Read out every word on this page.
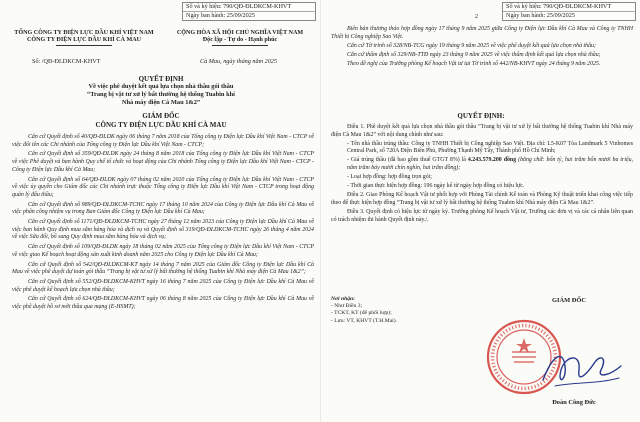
Số và ký hiệu: 790/QĐ-ĐLDKCM-KHVT
Ngày ban hành: 25/09/2025
TỔNG CÔNG TY ĐIỆN LỰC DẦU KHÍ VIỆT NAM
CÔNG TY ĐIỆN LỰC DẦU KHÍ CÀ MAU
CỘNG HÒA XÃ HỘI CHỦ NGHĨA VIỆT NAM
Độc lập - Tự do - Hạnh phúc
Số: /QĐ-ĐLDKCM-KHVT	Cà Mau, ngày tháng năm 2025
QUYẾT ĐỊNH
Về việc phê duyệt kết quả lựa chọn nhà thầu gói thầu
“Trang bị vật tư xử lý bất thường hệ thống Tuabin khí
Nhà máy điện Cà Mau 1&2”
GIÁM ĐỐC
CÔNG TY ĐIỆN LỰC DẦU KHÍ CÀ MAU

Căn cứ Quyết định số 40/QĐ-ĐLDK ngày 06 tháng 7 năm 2018 của Tổng công ty Điện lực Dầu khí Việt Nam - CTCP về việc đổi tên các Chi nhánh của Tổng công ty Điện lực Dầu khí Việt Nam - CTCP;

Căn cứ Quyết định số 359/QĐ-ĐLDK ngày 24 tháng 8 năm 2018 của Tổng công ty Điện lực Dầu khí Việt Nam - CTCP về việc Phê duyệt và ban hành Quy chế tổ chức và hoạt động của Chi nhánh Tổng công ty Điện lực Dầu khí Việt Nam - CTCP - Công ty Điện lực Dầu khí Cà Mau;

Căn cứ Quyết định số 64/QĐ-ĐLDK ngày 07 tháng 02 năm 2020 của Tổng công ty Điện lực Dầu khí Việt Nam - CTCP về việc ủy quyền cho Giám đốc các Chi nhánh trực thuộc Tổng công ty Điện lực Dầu khí Việt Nam - CTCP trong hoạt động quản lý đấu thầu;

Căn cứ Quyết định số 989/QĐ-ĐLDKCM-TCHC ngày 17 tháng 10 năm 2024 của Công ty Điện lực Dầu khí Cà Mau về việc phân công nhiệm vụ trong Ban Giám đốc Công ty Điện lực Dầu khí Cà Mau;

Căn cứ Quyết định số 1171/QĐ-ĐLDKCM-TCHC ngày 27 tháng 12 năm 2023 của Công ty Điện lực Dầu khí Cà Mau về việc ban hành Quy định mua sắm hàng hóa và dịch vụ và Quyết định số 319/QĐ-ĐLDKCM-TCHC ngày 26 tháng 4 năm 2024 về việc Sửa đổi, bổ sung Quy định mua sắm hàng hóa và dịch vụ;

Căn cứ Quyết định số 109/QĐ-ĐLDK ngày 18 tháng 02 năm 2025 của Tổng công ty Điện lực Dầu khí Việt Nam - CTCP về việc giao Kế hoạch hoạt động sản xuất kinh doanh năm 2025 cho Công ty Điện lực Dầu khí Cà Mau;

Căn cứ Quyết định số 542/QĐ-ĐLDKCM-KT ngày 14 tháng 7 năm 2025 của Giám đốc Công ty Điện lực Dầu khí Cà Mau về việc phê duyệt dự toán gói thầu “Trang bị vật tư xử lý bất thường hệ thống Tuabin khí Nhà máy điện Cà Mau 1&2”;

Căn cứ Quyết định số 552/QĐ-ĐLDKCM-KHVT ngày 16 tháng 7 năm 2025 của Công ty Điện lực Dầu khí Cà Mau về việc phê duyệt kế hoạch lựa chọn nhà thầu;

Căn cứ Quyết định số 624/QĐ-ĐLDKCM-KHVT ngày 06 tháng 8 năm 2025 của Công ty Điện lực Dầu khí Cà Mau về việc phê duyệt hồ sơ mời thầu qua mạng (E-HSMT);

Số và ký hiệu: 790/QĐ-ĐLDKCM-KHVT
Ngày ban hành: 25/09/2025
2

Biên bản thương thảo hợp đồng ngày 17 tháng 9 năm 2025 giữa Công ty Điện lực Dầu khí Cà Mau và Công ty TNHH Thiết bị Công nghiệp Sao Việt.

Căn cứ Tờ trình số 328/NB-TCG ngày 19 tháng 9 năm 2025 về việc phê duyệt kết quả lựa chọn nhà thầu;

Căn cứ thẩm định số 329/NB-TTĐ ngày 23 tháng 9 năm 2025 về việc thẩm định kết quả lựa chọn nhà thầu;

Theo đề nghị của Trưởng phòng Kế hoạch Vật tư tại Tờ trình số 442/NB-KHVT ngày 24 tháng 9 năm 2025.

QUYẾT ĐỊNH:

Điều 1. Phê duyệt kết quả lựa chọn nhà thầu gói thầu “Trang bị vật tư xử lý bất thường hệ thống Tuabin khí Nhà máy điện Cà Mau 1&2” với nội dung chính như sau:

- Tên nhà thầu trúng thầu: Công ty TNHH Thiết bị Công nghiệp Sao Việt. Địa chỉ: L5-K07 Tòa Landmark 5 Vinhomes Central Park, số 720A Điện Biên Phủ, Phường Thạnh Mỹ Tây, Thành phố Hồ Chí Minh;

- Giá trúng thầu (đã bao gồm thuế GTGT 8%) là 4.243.579.200 đồng (bằng chữ: bốn tỷ, hai trăm bốn mươi ba triệu, năm trăm bảy mươi chín nghìn, hai trăm đồng);

- Loại hợp đồng: hợp đồng trọn gói;

- Thời gian thực hiện hợp đồng: 196 ngày kể từ ngày hợp đồng có hiệu lực.

Điều 2. Giao Phòng Kế hoạch Vật tư phối hợp với Phòng Tài chính Kế toán và Phòng Kỹ thuật triển khai công việc tiếp theo để thực hiện hợp đồng “Trang bị vật tư xử lý bất thường hệ thống Tuabin khí Nhà máy điện Cà Mau 1&2”.

Điều 3. Quyết định có hiệu lực từ ngày ký. Trưởng phòng Kế hoạch Vật tư, Trưởng các đơn vị và các cá nhân liên quan có trách nhiệm thi hành Quyết định này./.

Nơi nhận:
- Như Điều 3;
- TCKT, KT (để phối hợp);
- Lưu: VT, KHVT (T.H.Mai).
GIÁM ĐỐC
Đoàn Công Đức
